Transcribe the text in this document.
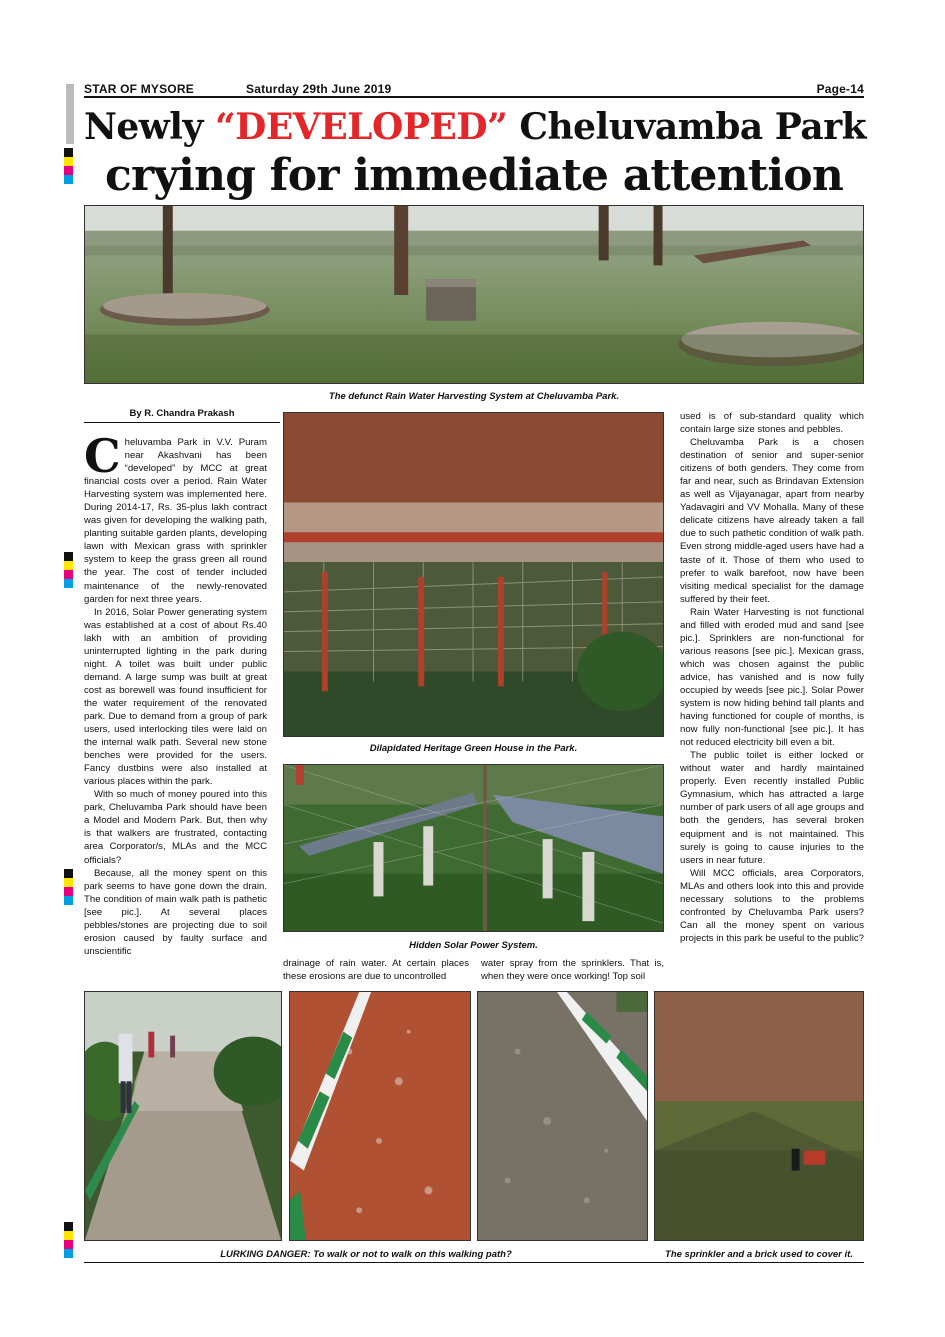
STAR OF MYSORE	Saturday 29th June 2019	Page-14
Newly “DEVELOPED” Cheluvamba Park
crying for immediate attention
The defunct Rain Water Harvesting System at Cheluvamba Park.
By R. Chandra Prakash

Cheluvamba Park in V.V. Puram near Akashvani has been “developed” by MCC at great financial costs over a period. Rain Water Harvesting system was implemented here. During 2014-17, Rs. 35-plus lakh contract was given for developing the walking path, planting suitable garden plants, developing lawn with Mexican grass with sprinkler system to keep the grass green all round the year. The cost of tender included maintenance of the newly-renovated garden for next three years.

In 2016, Solar Power generating system was established at a cost of about Rs.40 lakh with an ambition of providing uninterrupted lighting in the park during night. A toilet was built under public demand. A large sump was built at great cost as borewell was found insufficient for the water requirement of the renovated park. Due to demand from a group of park users, used interlocking tiles were laid on the internal walk path. Several new stone benches were provided for the users. Fancy dustbins were also installed at various places within the park.

With so much of money poured into this park, Cheluvamba Park should have been a Model and Modern Park. But, then why is that walkers are frustrated, contacting area Corporator/s, MLAs and the MCC officials?

Because, all the money spent on this park seems to have gone down the drain. The condition of main walk path is pathetic [see pic.]. At several places pebbles/stones are projecting due to soil erosion caused by faulty surface and unscientific

Dilapidated Heritage Green House in the Park.
Hidden Solar Power System.

drainage of rain water. At certain places these erosions are due to uncontrolled

water spray from the sprinklers. That is, when they were once working! Top soil

used is of sub-standard quality which contain large size stones and pebbles.

Cheluvamba Park is a chosen destination of senior and super-senior citizens of both genders. They come from far and near, such as Brindavan Extension as well as Vijayanagar, apart from nearby Yadavagiri and VV Mohalla. Many of these delicate citizens have already taken a fall due to such pathetic condition of walk path. Even strong middle-aged users have had a taste of it. Those of them who used to prefer to walk barefoot, now have been visiting medical specialist for the damage suffered by their feet.

Rain Water Harvesting is not functional and filled with eroded mud and sand [see pic.]. Sprinklers are non-functional for various reasons [see pic.]. Mexican grass, which was chosen against the public advice, has vanished and is now fully occupied by weeds [see pic.]. Solar Power system is now hiding behind tall plants and having functioned for couple of months, is now fully non-functional [see pic.]. It has not reduced electricity bill even a bit.

The public toilet is either locked or without water and hardly maintained properly. Even recently installed Public Gymnasium, which has attracted a large number of park users of all age groups and both the genders, has several broken equipment and is not maintained. This surely is going to cause injuries to the users in near future.

Will MCC officials, area Corporators, MLAs and others look into this and provide necessary solutions to the problems confronted by Cheluvamba Park users? Can all the money spent on various projects in this park be useful to the public?

LURKING DANGER: To walk or not to walk on this walking path?	The sprinkler and a brick used to cover it.
